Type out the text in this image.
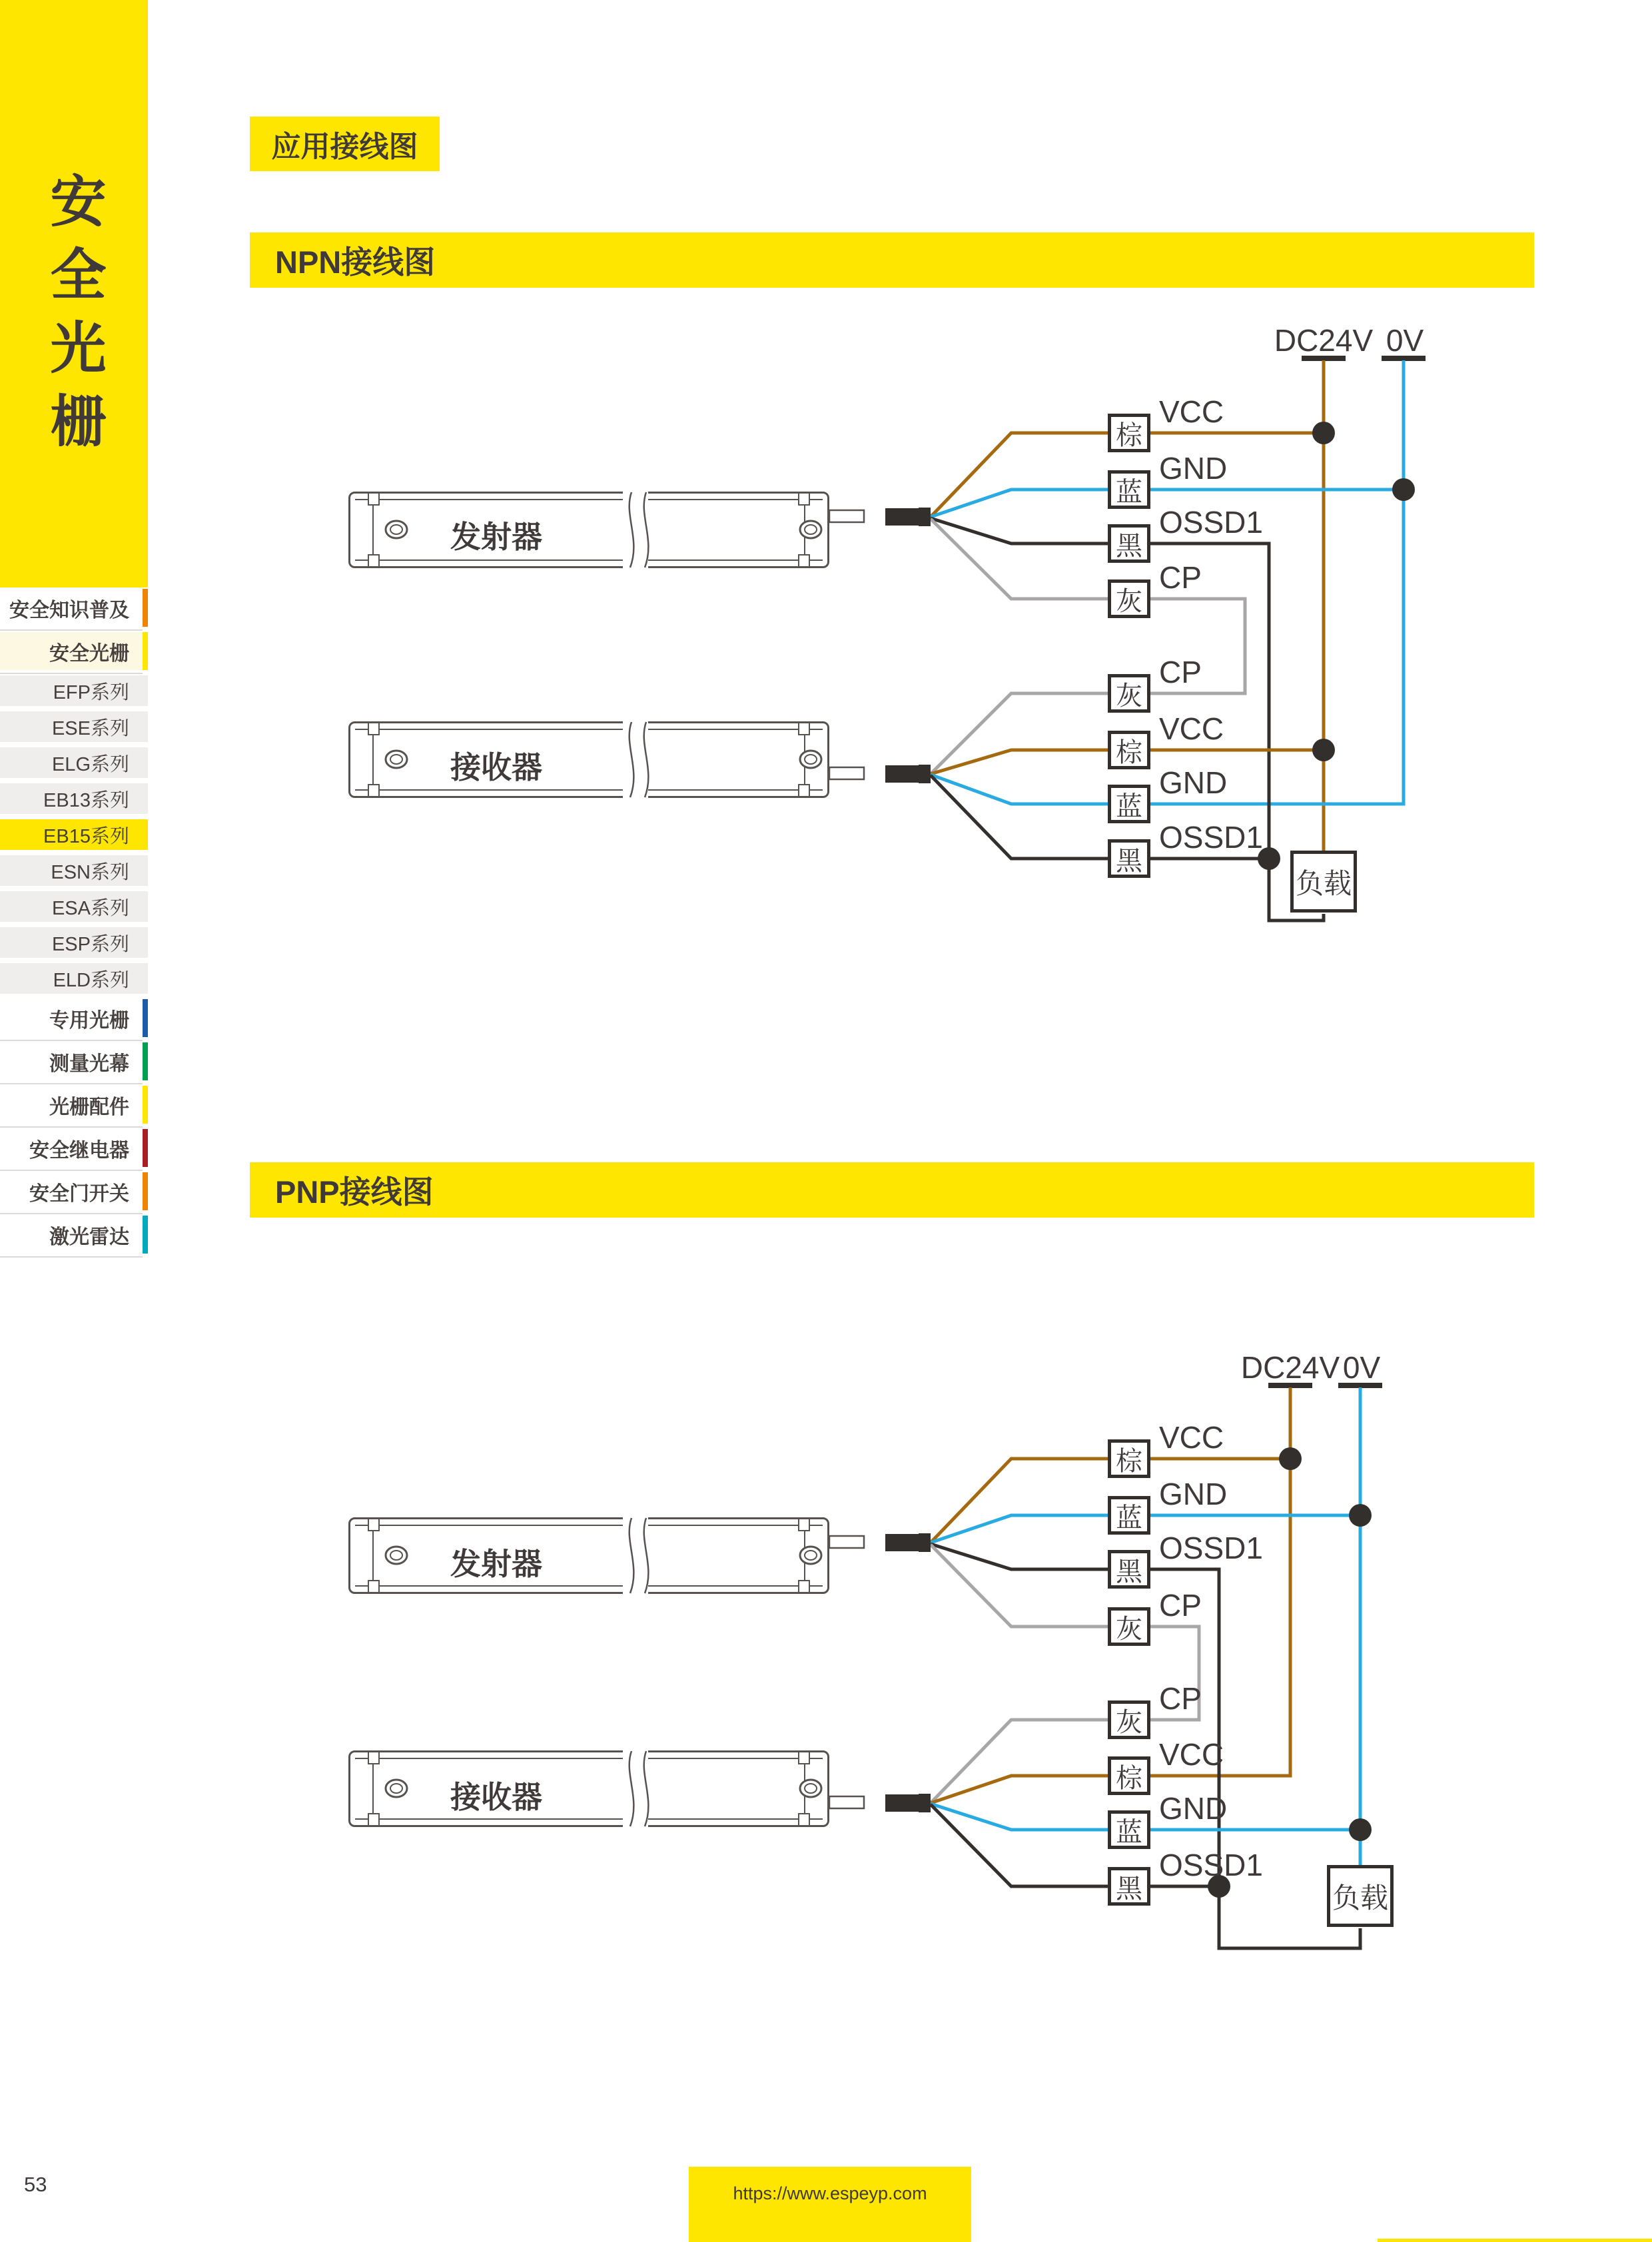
安全光栅
安全知识普及
安全光栅
EFP系列
ESE系列
ELG系列
EB13系列
EB15系列
ESN系列
ESA系列
ESP系列
ELD系列
专用光栅
测量光幕
光栅配件
安全继电器
安全门开关
激光雷达
应用接线图
NPN接线图
PNP接线图
DC24V 0V
发射器
接收器
棕
蓝
黑
灰
VCC
GND
OSSD1
CP
灰
棕
蓝
黑
CP
VCC
GND
OSSD1
负载
DC24V 0V
发射器
接收器
棕
蓝
黑
灰
VCC
GND
OSSD1
CP
灰
棕
蓝
黑
CP
VCC
GND
OSSD1
负载
53	https://www.espeyp.com
